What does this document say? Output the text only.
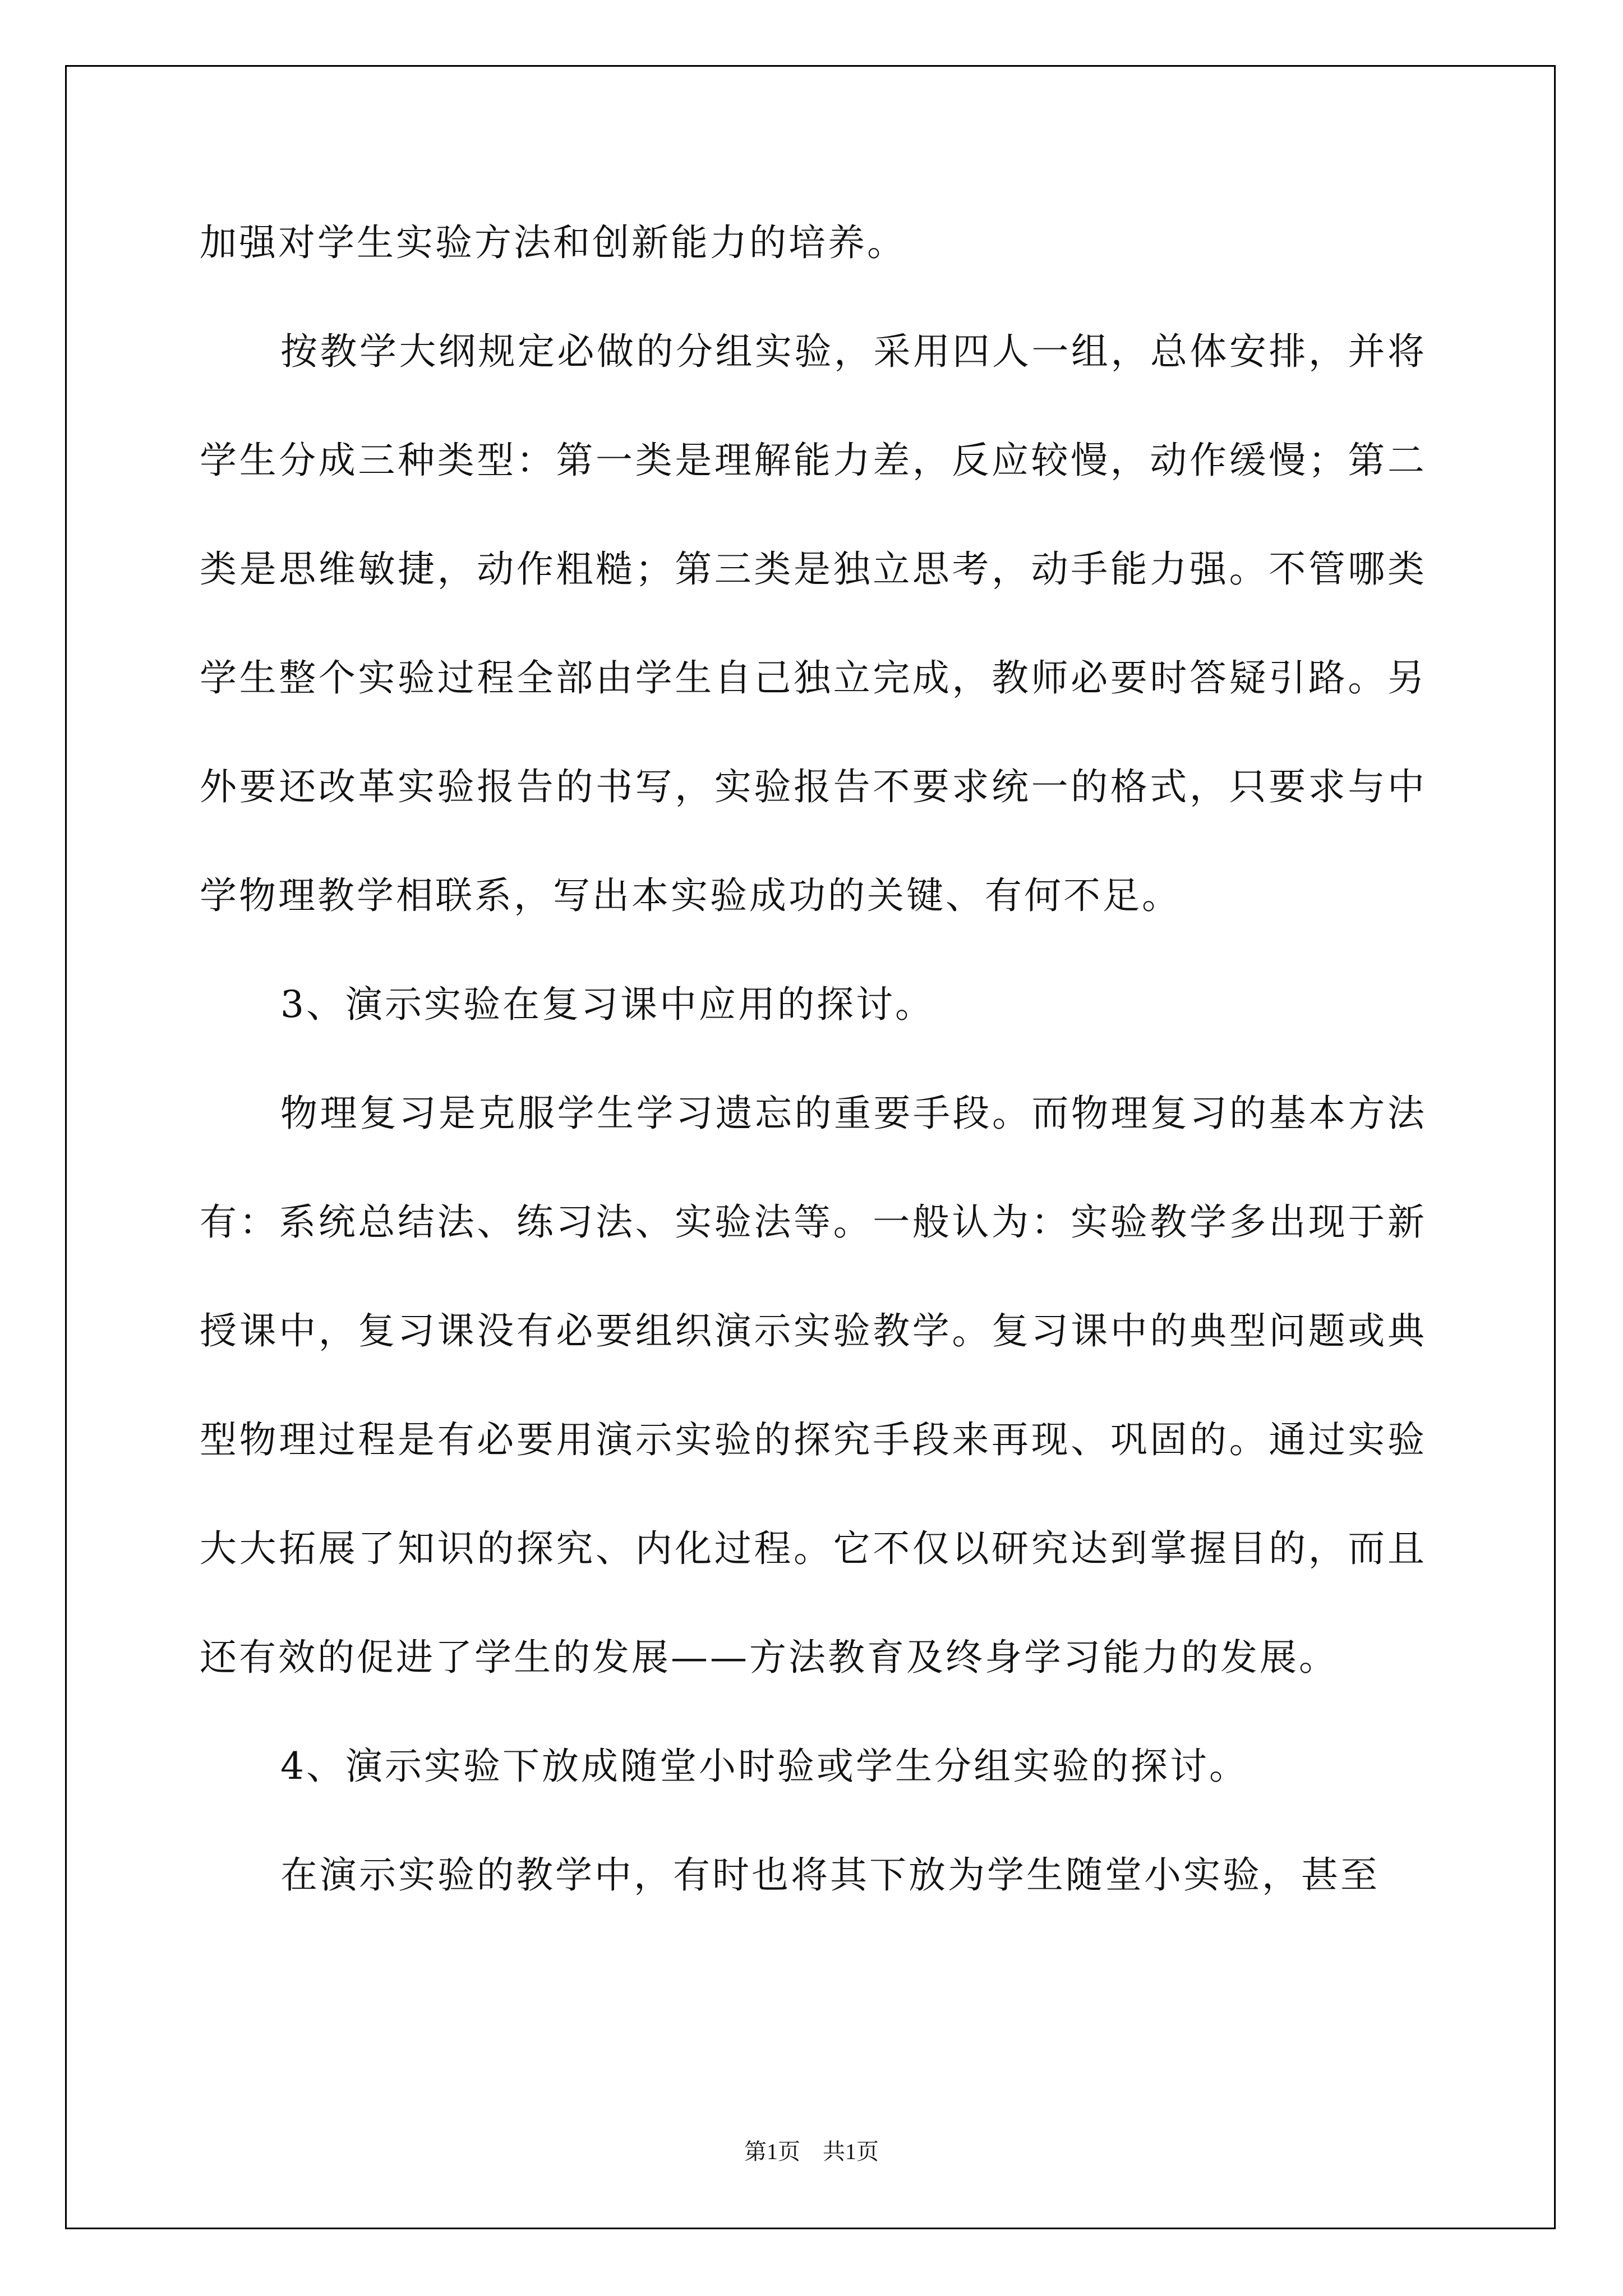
加强对学生实验方法和创新能力的培养。

按教学大纲规定必做的分组实验，采用四人一组，总体安排，并将学生分成三种类型：第一类是理解能力差，反应较慢，动作缓慢；第二类是思维敏捷，动作粗糙；第三类是独立思考，动手能力强。不管哪类学生整个实验过程全部由学生自己独立完成，教师必要时答疑引路。另外要还改革实验报告的书写，实验报告不要求统一的格式，只要求与中学物理教学相联系，写出本实验成功的关键、有何不足。

3、演示实验在复习课中应用的探讨。

物理复习是克服学生学习遗忘的重要手段。而物理复习的基本方法有：系统总结法、练习法、实验法等。一般认为：实验教学多出现于新授课中，复习课没有必要组织演示实验教学。复习课中的典型问题或典型物理过程是有必要用演示实验的探究手段来再现、巩固的。通过实验大大拓展了知识的探究、内化过程。它不仅以研究达到掌握目的，而且还有效的促进了学生的发展——方法教育及终身学习能力的发展。

4、演示实验下放成随堂小时验或学生分组实验的探讨。

在演示实验的教学中，有时也将其下放为学生随堂小实验，甚至

第1页　共1页
